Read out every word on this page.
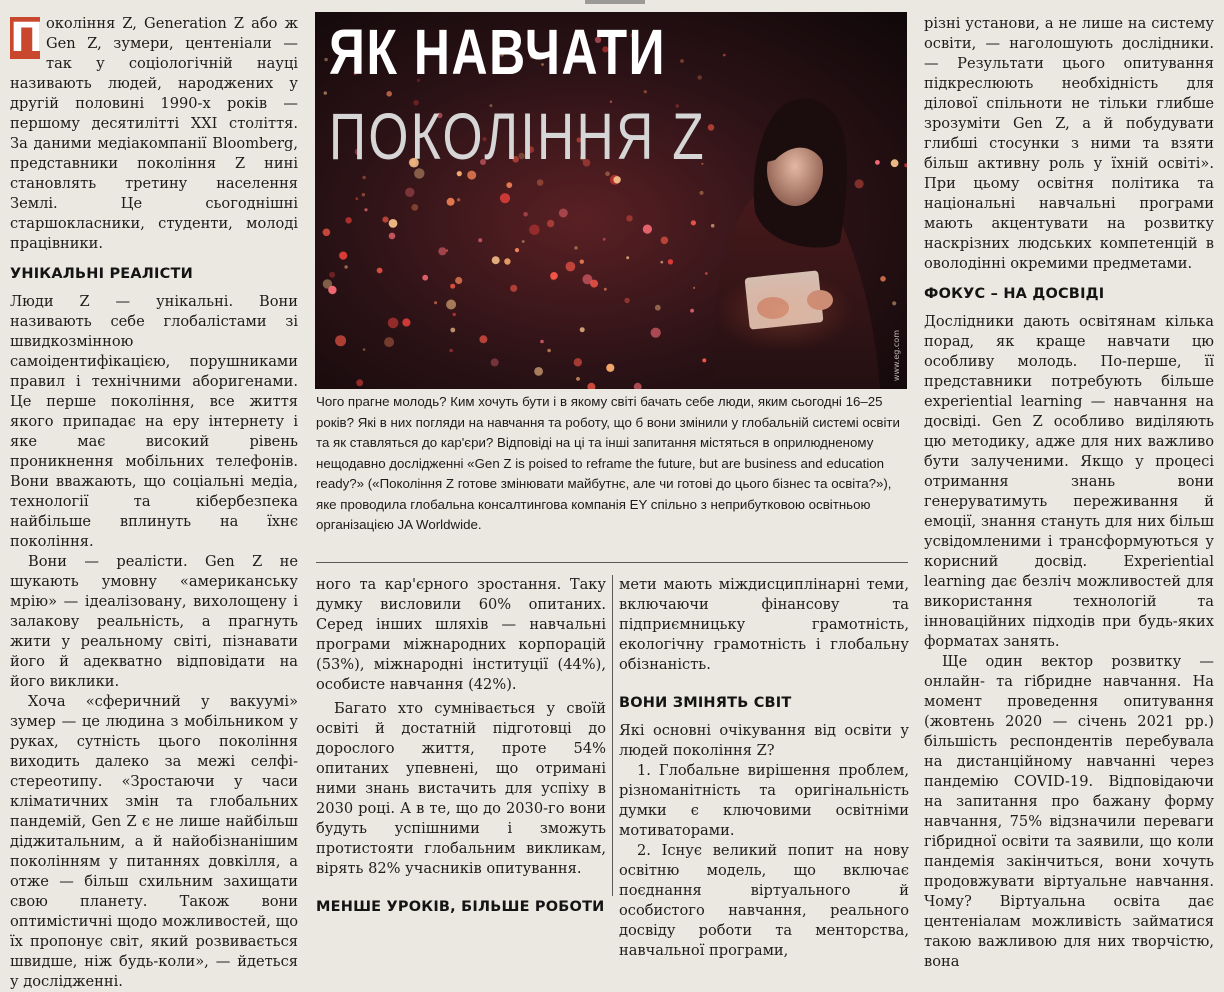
П окоління Z, Generation Z або ж Gen Z, зумери, центеніали — так у соціологічній науці називають людей, народжених у другій половині 1990-х років — першому десятилітті XXI століття. За даними медіакомпанії Bloomberg, представники покоління Z нині становлять третину населення Землі. Це сьогоднішні старшокласники, студенти, молоді працівники.

УНІКАЛЬНІ РЕАЛІСТИ

Люди Z — унікальні. Вони називають себе глобалістами зі швидкозмінною самоідентифікацією, порушниками правил і технічними аборигенами. Це перше покоління, все життя якого припадає на еру інтернету і яке має високий рівень проникнення мобільних телефонів. Вони вважають, що соціальні медіа, технології та кібербезпека найбільше вплинуть на їхнє покоління.

Вони — реалісти. Gen Z не шукають умовну «американську мрію» — ідеалізовану, вихолощену і залакову реальність, а прагнуть жити у реальному світі, пізнавати його й адекватно відповідати на його виклики.

Хоча «сферичний у вакуумі» зумер — це людина з мобільником у руках, сутність цього покоління виходить далеко за межі селфі-стереотипу. «Зростаючи у часи кліматичних змін та глобальних пандемій, Gen Z є не лише найбільш діджитальним, а й найобізнанішим поколінням у питаннях довкілля, а отже — більш схильним захищати свою планету. Також вони оптимістичні щодо можливостей, що їх пропонує світ, який розвивається швидше, ніж будь-коли», — йдеться у дослідженні.

ЯК НАВЧАТИ
ПОКОЛІННЯ Z
www.eg.com
Чого прагне молодь? Ким хочуть бути і в якому світі бачать себе люди, яким сьогодні 16–25 років? Які в них погляди на навчання та роботу, що б вони змінили у глобальній системі освіти та як ставляться до кар'єри? Відповіді на ці та інші запитання містяться в оприлюдненому нещодавно дослідженні «Gen Z is poised to reframe the future, but are business and education ready?» («Покоління Z готове змінювати майбутнє, але чи готові до цього бізнес та освіта?»), яке проводила глобальна консалтингова компанія EY спільно з неприбутковою освітньою організацією JA Worldwide.

ного та кар'єрного зростання. Таку думку висловили 60% опитаних. Серед інших шляхів — навчальні програми міжнародних корпорацій (53%), міжнародні інституції (44%), особисте навчання (42%).

Багато хто сумнівається у своїй освіті й достатній підготовці до дорослого життя, проте 54% опитаних упевнені, що отримані ними знань вистачить для успіху в 2030 році. А в те, що до 2030-го вони будуть успішними і зможуть протистояти глобальним викликам, вірять 82% учасників опитування.

МЕНШЕ УРОКІВ, БІЛЬШЕ РОБОТИ

мети мають міждисциплінарні теми, включаючи фінансову та підприємницьку грамотність, екологічну грамотність і глобальну обізнаність.

ВОНИ ЗМІНЯТЬ СВІТ

Які основні очікування від освіти у людей покоління Z?

1. Глобальне вирішення проблем, різноманітність та оригінальність думки є ключовими освітніми мотиваторами.

2. Існує великий попит на нову освітню модель, що включає поєднання віртуального й особистого навчання, реального досвіду роботи та менторства, навчальної програми,

різні установи, а не лише на систему освіти, — наголошують дослідники. — Результати цього опитування підкреслюють необхідність для ділової спільноти не тільки глибше зрозуміти Gen Z, а й побудувати глибші стосунки з ними та взяти більш активну роль у їхній освіті». При цьому освітня політика та національні навчальні програми мають акцентувати на розвитку наскрізних людських компетенцій в оволодінні окремими предметами.

ФОКУС – НА ДОСВІДІ

Дослідники дають освітянам кілька порад, як краще навчати цю особливу молодь. По-перше, її представники потребують більше experiential learning — навчання на досвіді. Gen Z особливо виділяють цю методику, адже для них важливо бути залученими. Якщо у процесі отримання знань вони генеруватимуть переживання й емоції, знання стануть для них більш усвідомленими і трансформуються у корисний досвід. Experiential learning дає безліч можливостей для використання технологій та інноваційних підходів при будь-яких форматах занять.

Ще один вектор розвитку — онлайн- та гібридне навчання. На момент проведення опитування (жовтень 2020 — січень 2021 рр.) більшість респондентів перебувала на дистанційному навчанні через пандемію COVID-19. Відповідаючи на запитання про бажану форму навчання, 75% відзначили переваги гібридної освіти та заявили, що коли пандемія закінчиться, вони хочуть продовжувати віртуальне навчання. Чому? Віртуальна освіта дає центеніалам можливість займатися такою важливою для них творчістю, вона
